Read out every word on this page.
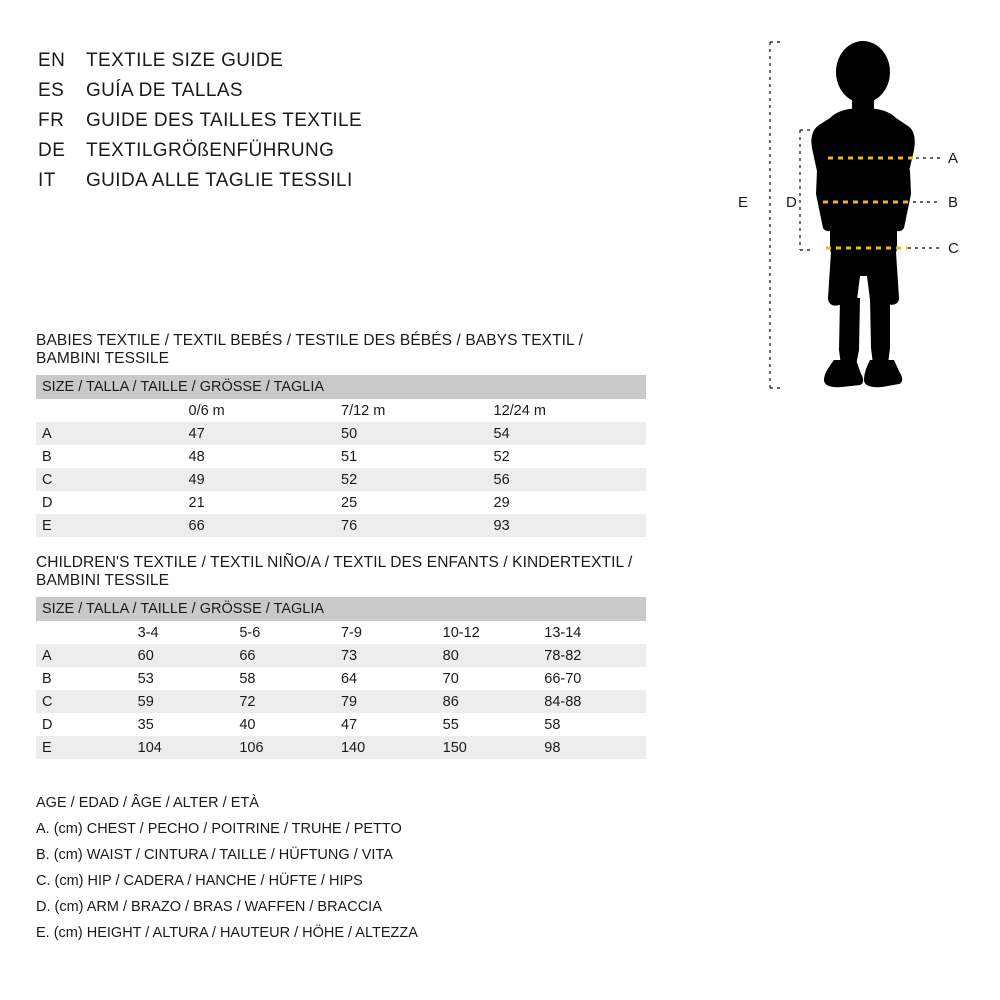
EN	TEXTILE SIZE GUIDE
ES	GUÍA DE TALLAS
FR	GUIDE DES TAILLES TEXTILE
DE	TEXTILGRÖßENFÜHRUNG
IT	GUIDA ALLE TAGLIE TESSILI
BABIES TEXTILE / TEXTIL BEBÉS / TESTILE DES BÉBÉS / BABYS TEXTIL / BAMBINI TESSILE
SIZE / TALLA / TAILLE / GRÖSSE / TAGLIA			
	0/6 m	7/12 m	12/24 m
A	47	50	54
B	48	51	52
C	49	52	56
D	21	25	29
E	66	76	93
CHILDREN'S TEXTILE / TEXTIL NIÑO/A / TEXTIL DES ENFANTS / KINDERTEXTIL / BAMBINI TESSILE
SIZE / TALLA / TAILLE / GRÖSSE / TAGLIA					
	3-4	5-6	7-9	10-12	13-14
A	60	66	73	80	78-82
B	53	58	64	70	66-70
C	59	72	79	86	84-88
D	35	40	47	55	58
E	104	106	140	150	98
AGE / EDAD / ÂGE / ALTER / ETÀ
A. (cm) CHEST / PECHO / POITRINE / TRUHE / PETTO
B. (cm) WAIST / CINTURA / TAILLE / HÜFTUNG / VITA
C. (cm) HIP / CADERA / HANCHE / HÜFTE / HIPS
D. (cm) ARM / BRAZO / BRAS / WAFFEN / BRACCIA
E. (cm) HEIGHT / ALTURA / HAUTEUR / HÖHE / ALTEZZA
A
B
C
D
E
